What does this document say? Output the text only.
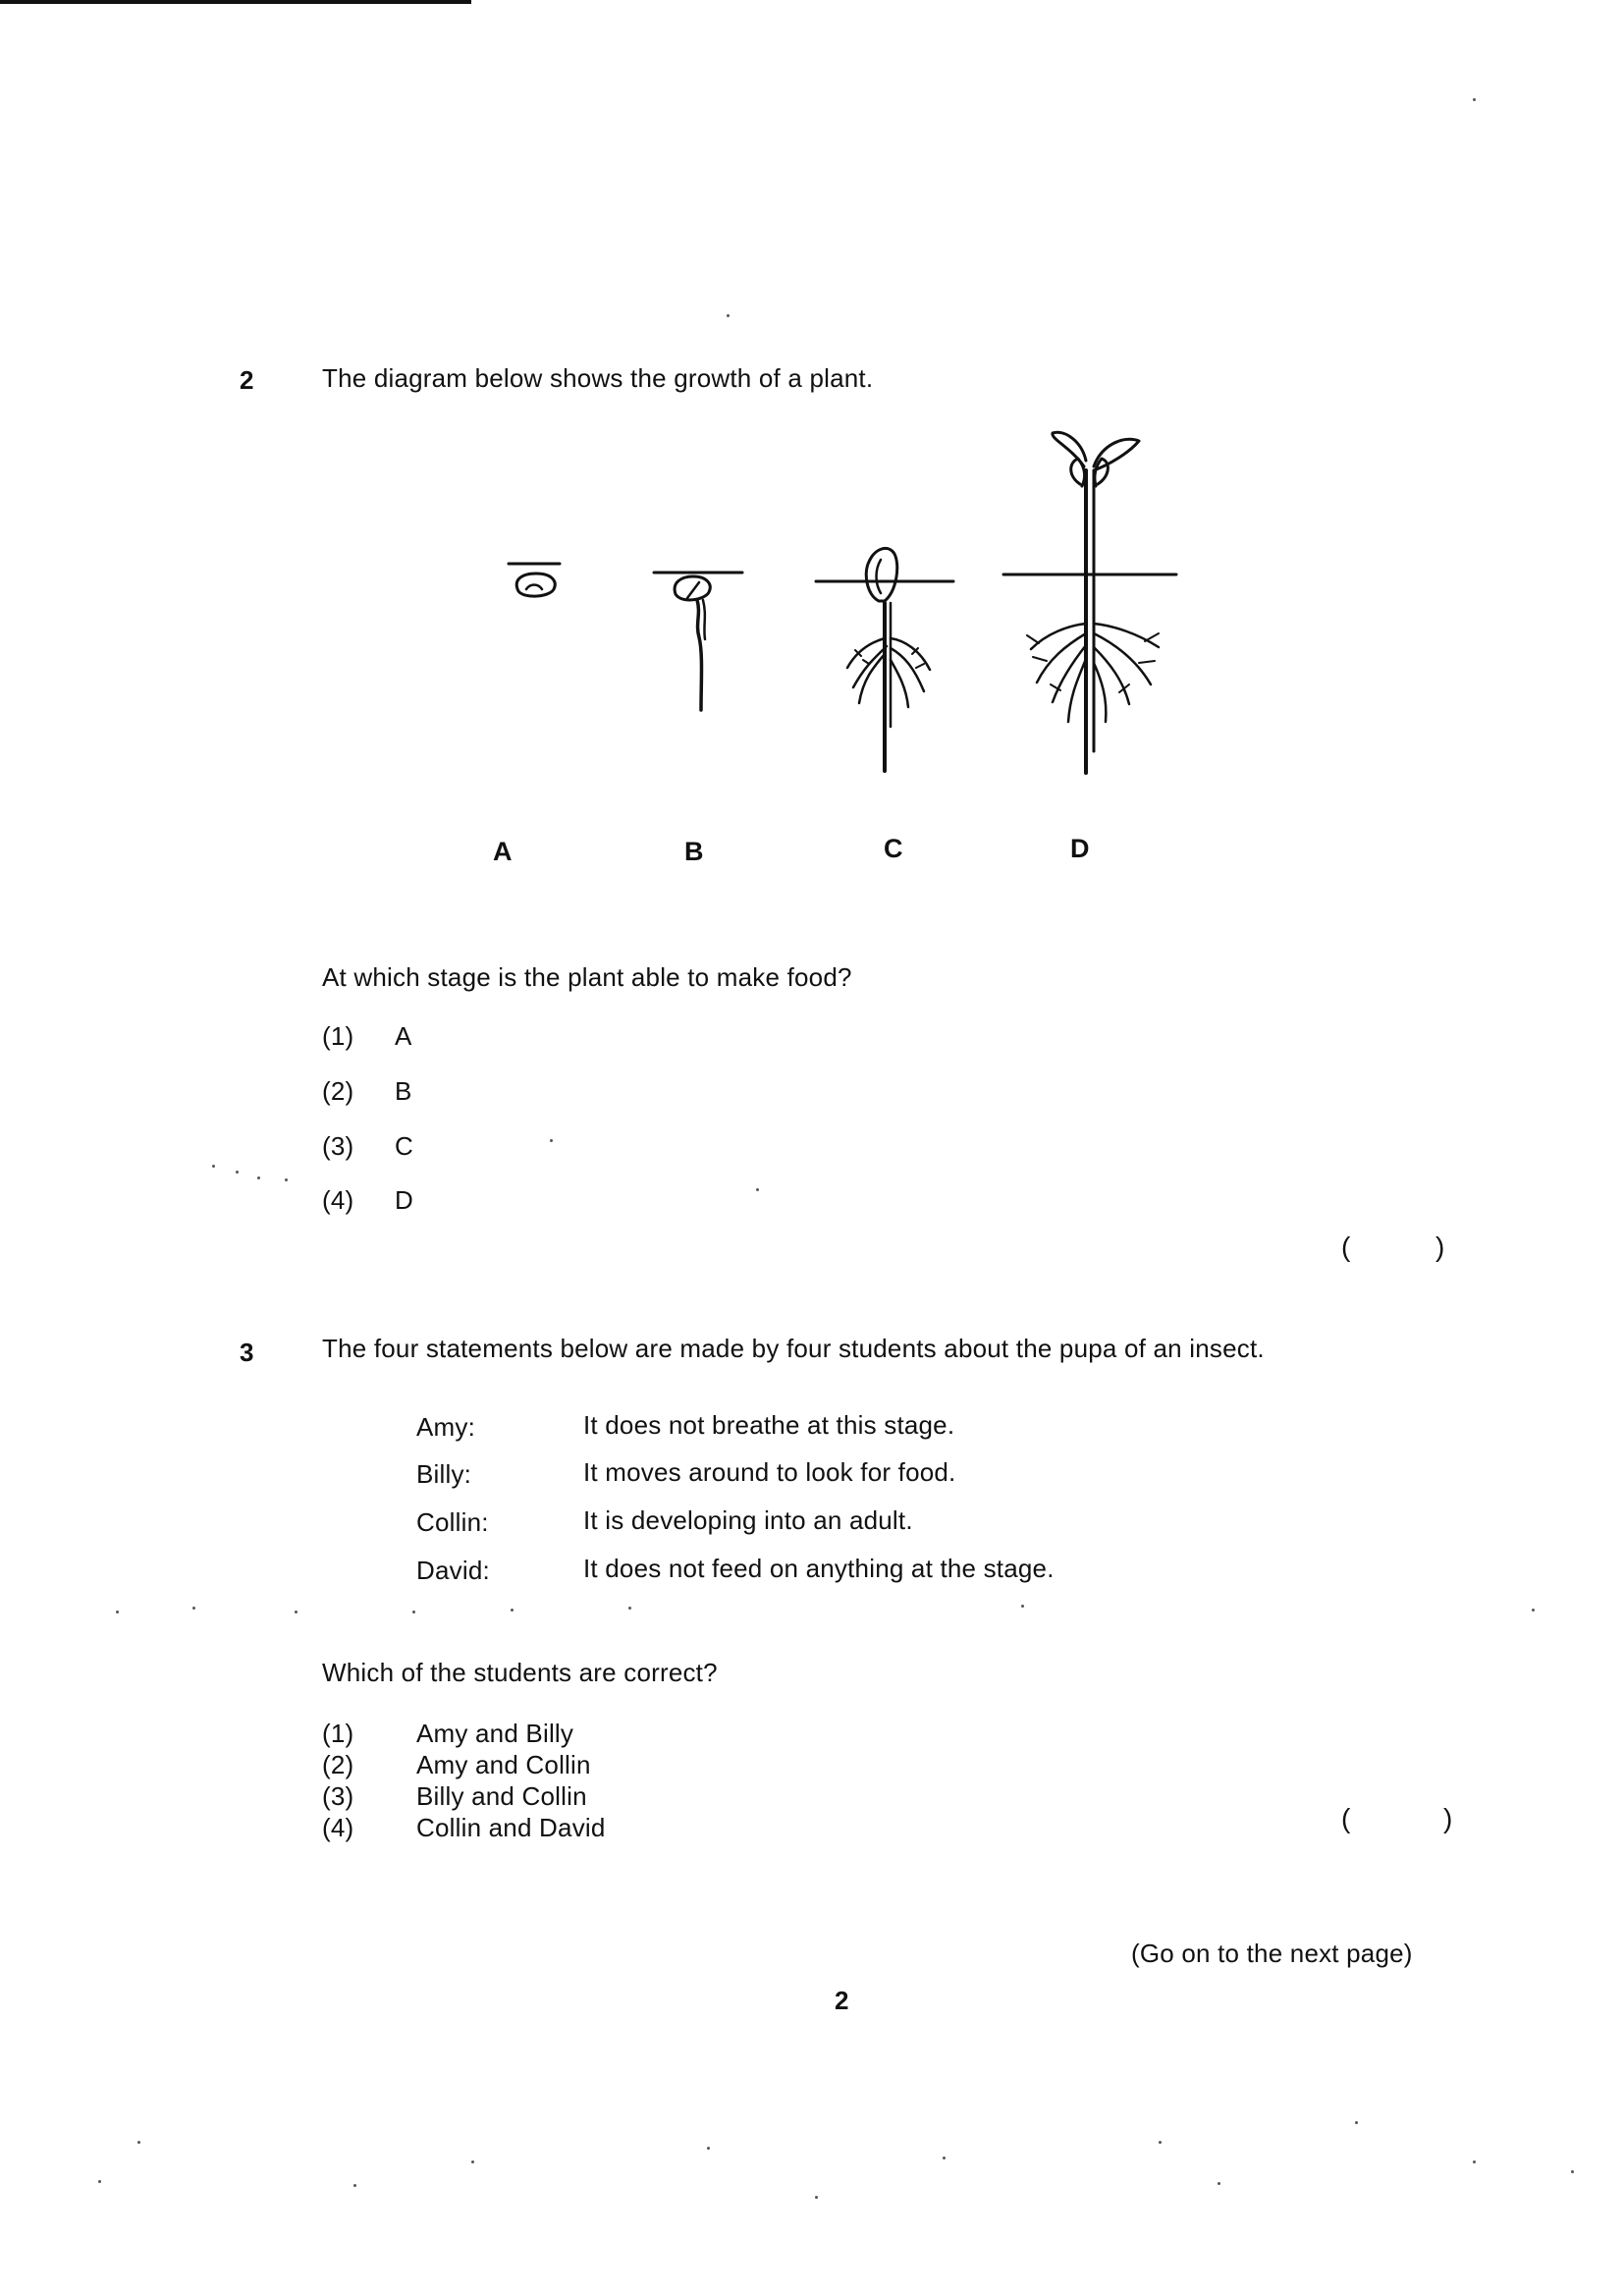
2	The diagram below shows the growth of a plant.
A	B	C	D
At which stage is the plant able to make food?
(1) A
(2) B
(3) C
(4) D
(	)
3	The four statements below are made by four students about the pupa of an insect.
Amy:	It does not breathe at this stage.
Billy:	It moves around to look for food.
Collin:	It is developing into an adult.
David:	It does not feed on anything at the stage.
Which of the students are correct?
(1) Amy and Billy
(2) Amy and Collin
(3) Billy and Collin
(4) Collin and David	(	)
(Go on to the next page)
2
